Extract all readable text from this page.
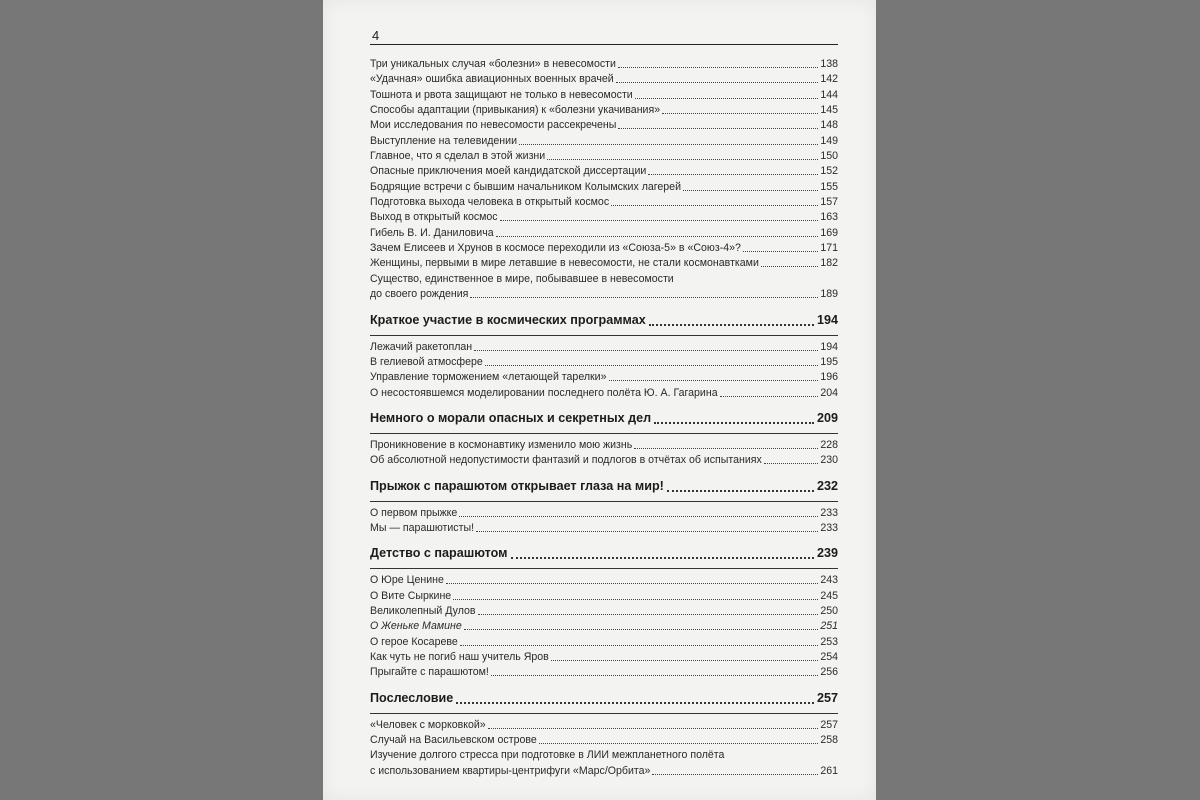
4
Три уникальных случая «болезни» в невесомости	138
«Удачная» ошибка авиационных военных врачей	142
Тошнота и рвота защищают не только в невесомости	144
Способы адаптации (привыкания) к «болезни укачивания»	145
Мои исследования по невесомости рассекречены	148
Выступление на телевидении	149
Главное, что я сделал в этой жизни	150
Опасные приключения моей кандидатской диссертации	152
Бодрящие встречи с бывшим начальником Колымских лагерей	155
Подготовка выхода человека в открытый космос	157
Выход в открытый космос	163
Гибель В. И. Даниловича	169
Зачем Елисеев и Хрунов в космосе переходили из «Союза-5» в «Союз-4»?	171
Женщины, первыми в мире летавшие в невесомости, не стали космонавтками	182
Существо, единственное в мире, побывавшее в невесомости
до своего рождения	189
Краткое участие в космических программах	194
Лежачий ракетоплан	194
В гелиевой атмосфере	195
Управление торможением «летающей тарелки»	196
О несостоявшемся моделировании последнего полёта Ю. А. Гагарина	204
Немного о морали опасных и секретных дел	209
Проникновение в космонавтику изменило мою жизнь	228
Об абсолютной недопустимости фантазий и подлогов в отчётах об испытаниях	230
Прыжок с парашютом открывает глаза на мир!	232
О первом прыжке	233
Мы — парашютисты!	233
Детство с парашютом	239
О Юре Ценине	243
О Вите Сыркине	245
Великолепный Дулов	250
О Женьке Мамине	251
О герое Косареве	253
Как чуть не погиб наш учитель Яров	254
Прыгайте с парашютом!	256
Послесловие	257
«Человек с морковкой»	257
Случай на Васильевском острове	258
Изучение долгого стресса при подготовке в ЛИИ межпланетного полёта
с использованием квартиры-центрифуги «Марс/Орбита»	261
